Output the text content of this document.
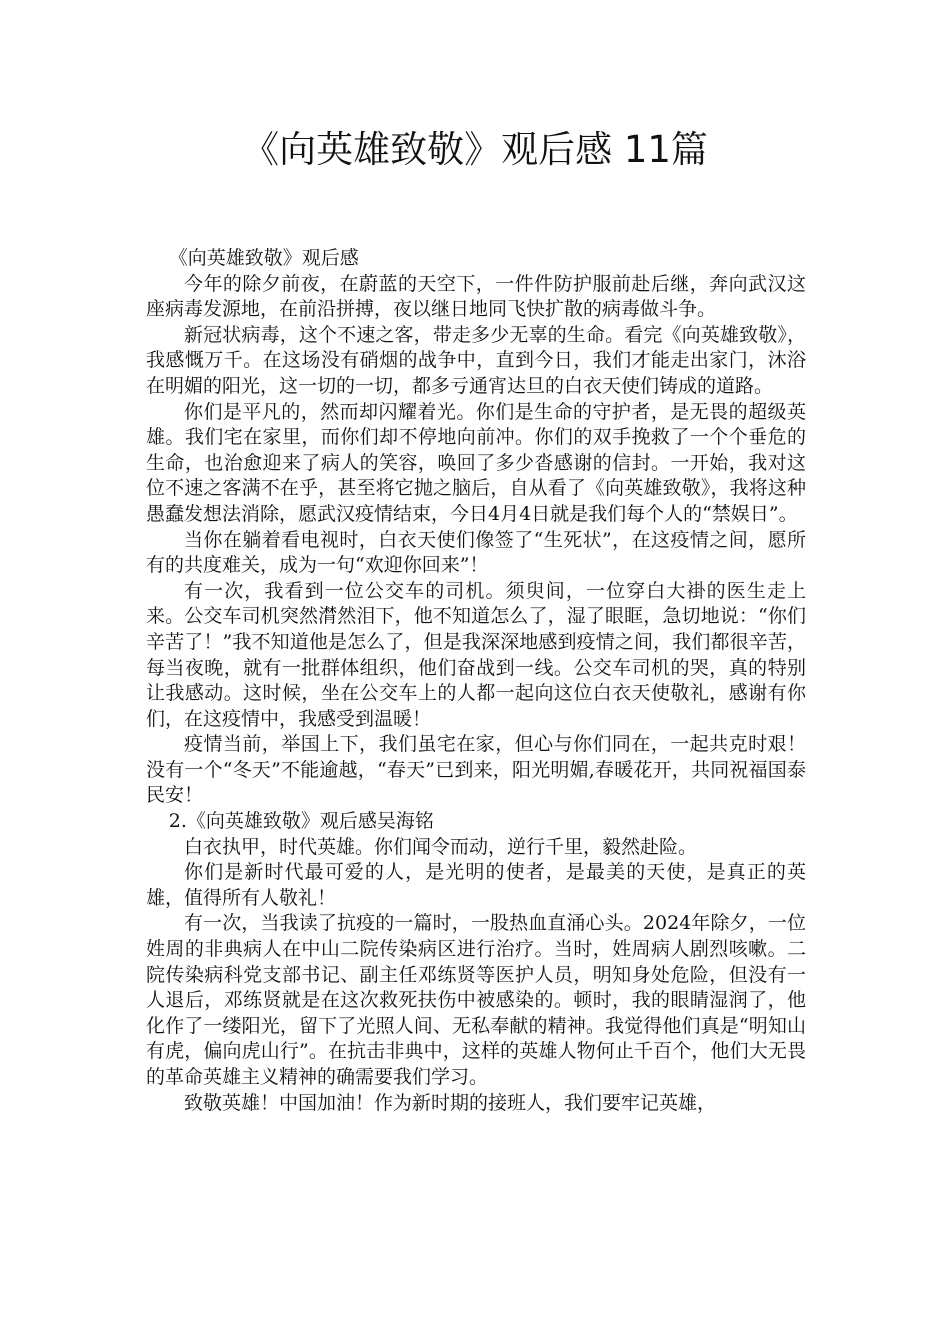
《向英雄致敬》观后感 11篇

《向英雄致敬》观后感

今年的除夕前夜，在蔚蓝的天空下，一件件防护服前赴后继，奔向武汉这座病毒发源地，在前沿拼搏，夜以继日地同飞快扩散的病毒做斗争。

新冠状病毒，这个不速之客，带走多少无辜的生命。看完《向英雄致敬》，我感慨万千。在这场没有硝烟的战争中，直到今日，我们才能走出家门，沐浴在明媚的阳光，这一切的一切，都多亏通宵达旦的白衣天使们铸成的道路。

你们是平凡的，然而却闪耀着光。你们是生命的守护者，是无畏的超级英雄。我们宅在家里，而你们却不停地向前冲。你们的双手挽救了一个个垂危的生命，也治愈迎来了病人的笑容，唤回了多少沓感谢的信封。一开始，我对这位不速之客满不在乎，甚至将它抛之脑后，自从看了《向英雄致敬》，我将这种愚蠢发想法消除，愿武汉疫情结束，今日4月4日就是我们每个人的“禁娱日”。

当你在躺着看电视时，白衣天使们像签了“生死状”，在这疫情之间，愿所有的共度难关，成为一句“欢迎你回来”！

有一次，我看到一位公交车的司机。须臾间，一位穿白大褂的医生走上来。公交车司机突然潸然泪下，他不知道怎么了，湿了眼眶，急切地说：“你们辛苦了！”我不知道他是怎么了，但是我深深地感到疫情之间，我们都很辛苦，每当夜晚，就有一批群体组织，他们奋战到一线。公交车司机的哭，真的特别让我感动。这时候，坐在公交车上的人都一起向这位白衣天使敬礼，感谢有你们，在这疫情中，我感受到温暖！

疫情当前，举国上下，我们虽宅在家，但心与你们同在，一起共克时艰！没有一个“冬天”不能逾越，“春天”已到来，阳光明媚,春暖花开，共同祝福国泰民安！

2.《向英雄致敬》观后感吴海铭

白衣执甲，时代英雄。你们闻令而动，逆行千里，毅然赴险。

你们是新时代最可爱的人，是光明的使者，是最美的天使，是真正的英雄，值得所有人敬礼！

有一次，当我读了抗疫的一篇时，一股热血直涌心头。2024年除夕，一位姓周的非典病人在中山二院传染病区进行治疗。当时，姓周病人剧烈咳嗽。二院传染病科党支部书记、副主任邓练贤等医护人员，明知身处危险，但没有一人退后，邓练贤就是在这次救死扶伤中被感染的。顿时，我的眼睛湿润了，他化作了一缕阳光，留下了光照人间、无私奉献的精神。我觉得他们真是“明知山有虎，偏向虎山行”。在抗击非典中，这样的英雄人物何止千百个，他们大无畏的革命英雄主义精神的确需要我们学习。

致敬英雄！中国加油！作为新时期的接班人，我们要牢记英雄，
